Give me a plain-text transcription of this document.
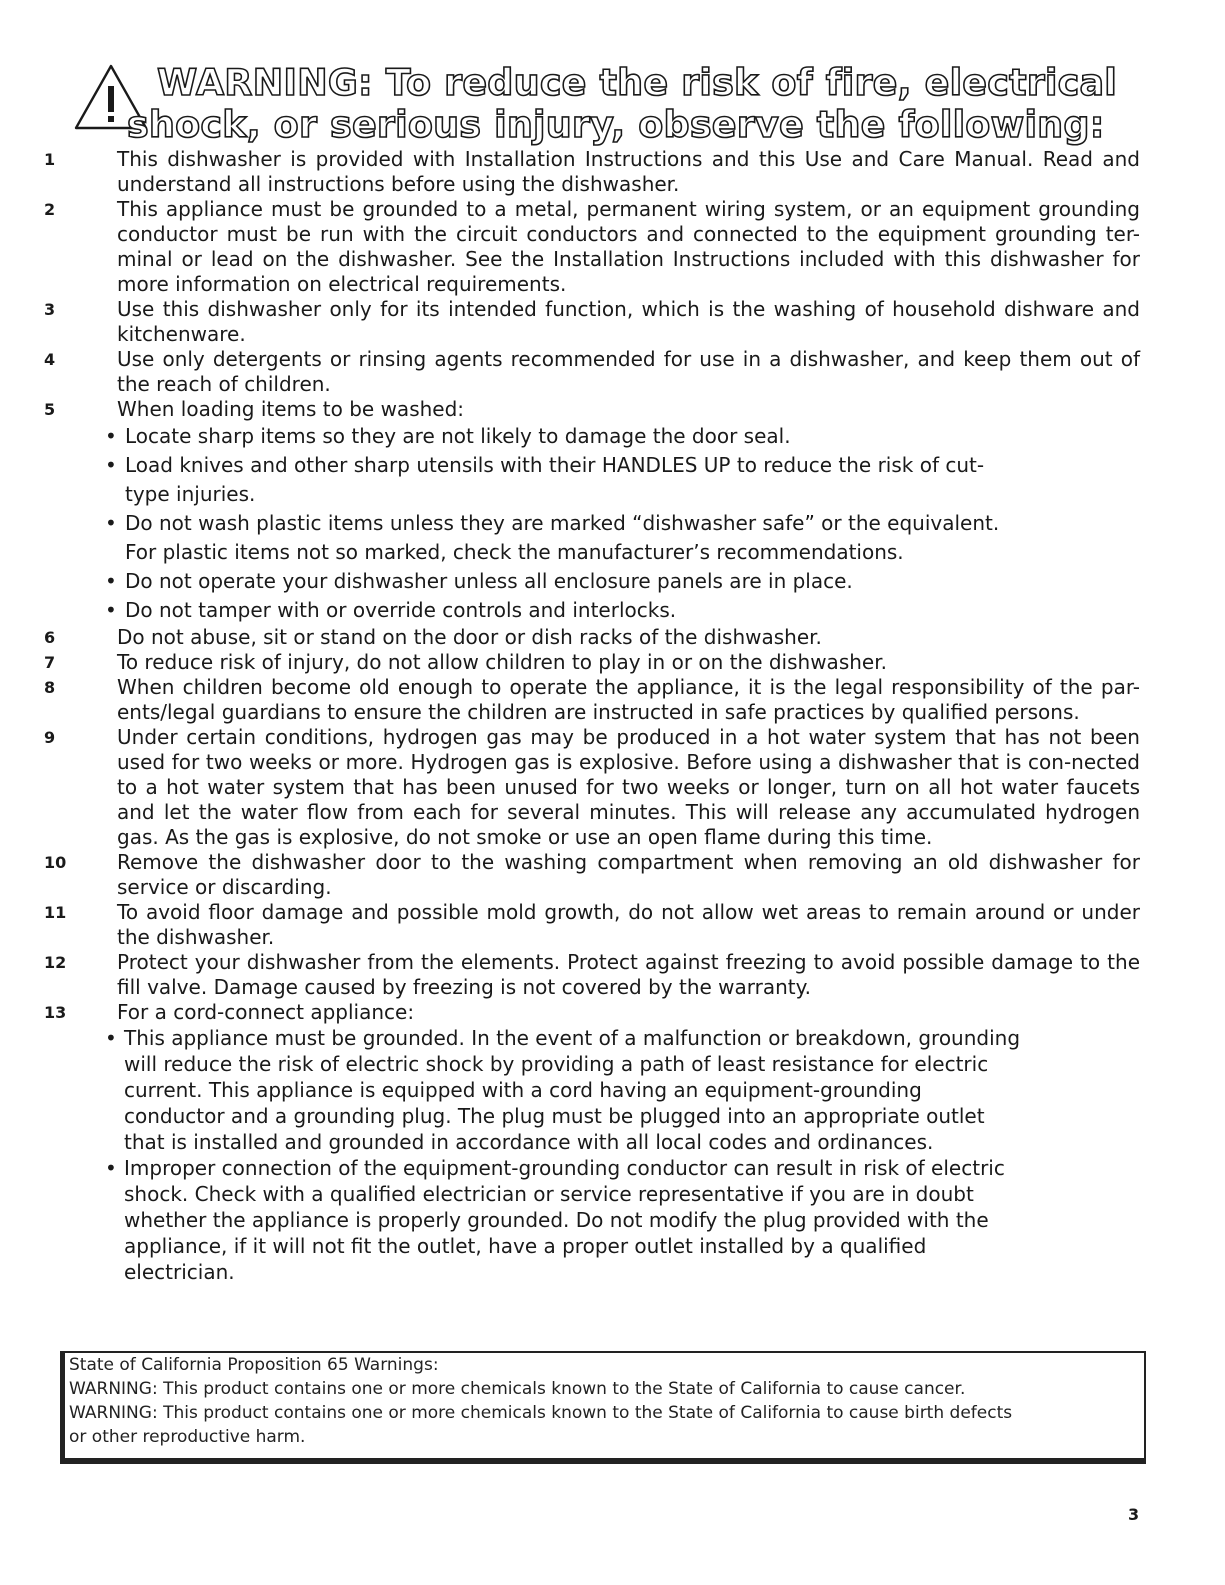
WARNING: To reduce the risk of fire, electrical
shock, or serious injury, observe the following:
1	This dishwasher is provided with Installation Instructions and this Use and Care Manual. Read and understand all instructions before using the dishwasher.
2	This appliance must be grounded to a metal, permanent wiring system, or an equipment grounding conductor must be run with the circuit conductors and connected to the equipment grounding ter-minal or lead on the dishwasher. See the Installation Instructions included with this dishwasher for more information on electrical requirements.
3	Use this dishwasher only for its intended function, which is the washing of household dishware and kitchenware.
4	Use only detergents or rinsing agents recommended for use in a dishwasher, and keep them out of the reach of children.
5	When loading items to be washed:
• Locate sharp items so they are not likely to damage the door seal.
• Load knives and other sharp utensils with their HANDLES UP to reduce the risk of cut-type injuries.
• Do not wash plastic items unless they are marked “dishwasher safe” or the equivalent. For plastic items not so marked, check the manufacturer’s recommendations.
• Do not operate your dishwasher unless all enclosure panels are in place.
• Do not tamper with or override controls and interlocks.
6	Do not abuse, sit or stand on the door or dish racks of the dishwasher.
7	To reduce risk of injury, do not allow children to play in or on the dishwasher.
8	When children become old enough to operate the appliance, it is the legal responsibility of the par-ents/legal guardians to ensure the children are instructed in safe practices by qualified persons.
9	Under certain conditions, hydrogen gas may be produced in a hot water system that has not been used for two weeks or more. Hydrogen gas is explosive. Before using a dishwasher that is con-nected to a hot water system that has been unused for two weeks or longer, turn on all hot water faucets and let the water flow from each for several minutes. This will release any accumulated hydrogen gas. As the gas is explosive, do not smoke or use an open flame during this time.
10	Remove the dishwasher door to the washing compartment when removing an old dishwasher for service or discarding.
11	To avoid floor damage and possible mold growth, do not allow wet areas to remain around or under the dishwasher.
12	Protect your dishwasher from the elements. Protect against freezing to avoid possible damage to the fill valve. Damage caused by freezing is not covered by the warranty.
13	For a cord-connect appliance:
• This appliance must be grounded. In the event of a malfunction or breakdown, grounding will reduce the risk of electric shock by providing a path of least resistance for electric current. This appliance is equipped with a cord having an equipment-grounding conductor and a grounding plug. The plug must be plugged into an appropriate outlet that is installed and grounded in accordance with all local codes and ordinances.
• Improper connection of the equipment-grounding conductor can result in risk of electric shock. Check with a qualified electrician or service representative if you are in doubt whether the appliance is properly grounded. Do not modify the plug provided with the appliance, if it will not fit the outlet, have a proper outlet installed by a qualified electrician.
State of California Proposition 65 Warnings:
WARNING: This product contains one or more chemicals known to the State of California to cause cancer.
WARNING: This product contains one or more chemicals known to the State of California to cause birth defects
or other reproductive harm.
3
